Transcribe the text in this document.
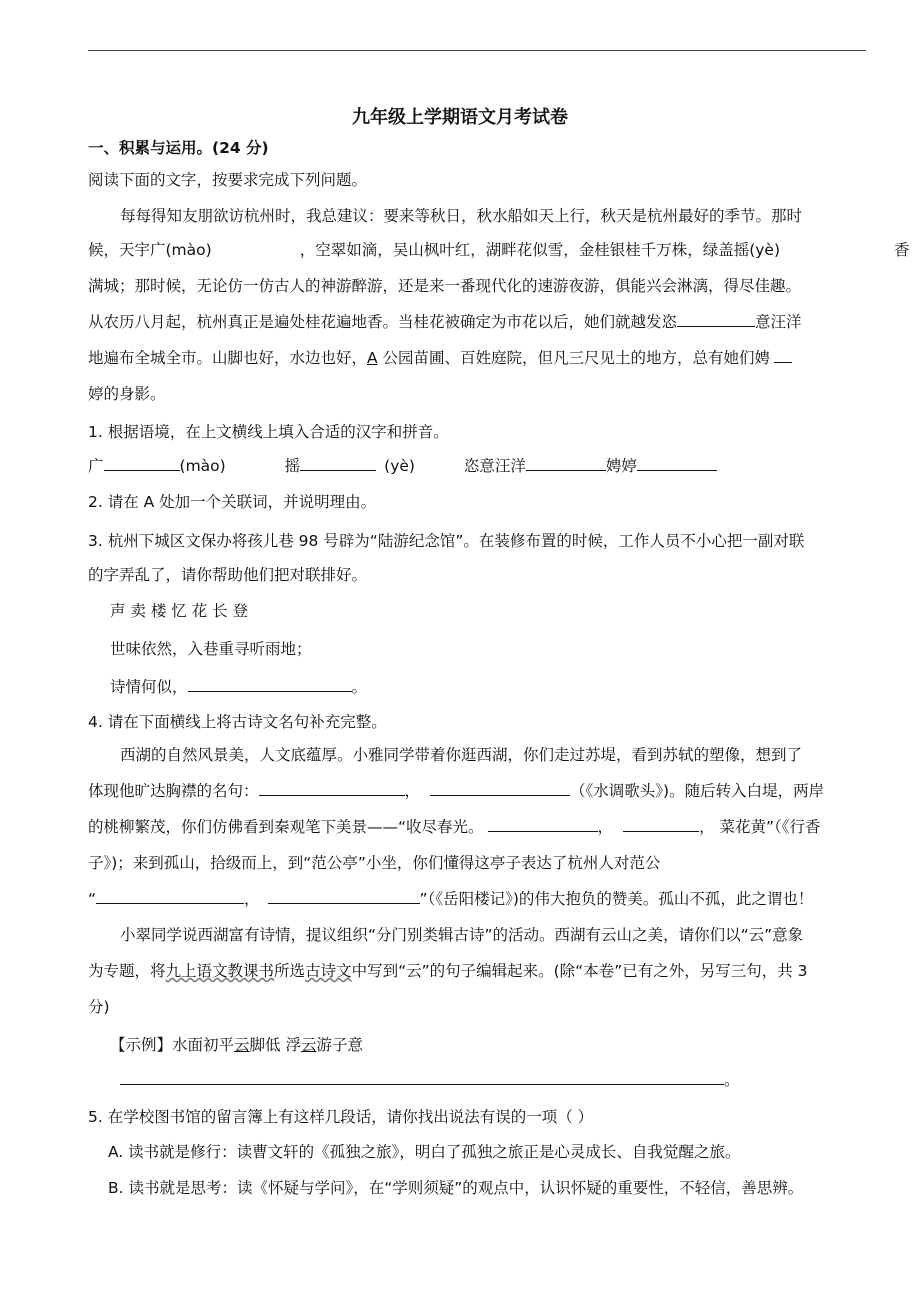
九年级上学期语文月考试卷
一、积累与运用。(24 分)
阅读下面的文字，按要求完成下列问题。
每每得知友朋欲访杭州时，我总建议：要来等秋日，秋水船如天上行，秋天是杭州最好的季节。那时
候，天宇广(mào)	，空翠如滴，吴山枫叶红，湖畔花似雪，金桂银桂千万株，绿盖摇(yè)	香
满城；那时候，无论仿一仿古人的神游醉游，还是来一番现代化的速游夜游，俱能兴会淋漓，得尽佳趣。
从农历八月起，杭州真正是遍处桂花遍地香。当桂花被确定为市花以后，她们就越发恣	意汪洋
地遍布全城全市。山脚也好，水边也好，A 公园苗圃、百姓庭院，但凡三尺见土的地方，总有她们娉
婷的身影。
1. 根据语境，在上文横线上填入合适的汉字和拼音。
广	(mào)	摇	(yè)	恣意汪洋	娉婷
2. 请在 A 处加一个关联词，并说明理由。
3. 杭州下城区文保办将孩儿巷 98 号辟为“陆游纪念馆”。在装修布置的时候，工作人员不小心把一副对联
的字弄乱了，请你帮助他们把对联排好。
声 卖 楼 忆 花 长 登
世味依然，入巷重寻听雨地；
诗情何似，	。
4. 请在下面横线上将古诗文名句补充完整。
西湖的自然风景美，人文底蕴厚。小雅同学带着你逛西湖，你们走过苏堤，看到苏轼的塑像，想到了
体现他旷达胸襟的名句：	，	（《水调歌头》)。随后转入白堤，两岸
的桃柳繁茂，你们仿佛看到秦观笔下美景——“收尽春光。	，	， 菜花黄”（《行香
子》)；来到孤山，拾级而上，到“范公亭”小坐，你们懂得这亭子表达了杭州人对范公
“	，	”（《岳阳楼记》)的伟大抱负的赞美。孤山不孤，此之谓也！
小翠同学说西湖富有诗情，提议组织“分门别类辑古诗”的活动。西湖有云山之美，请你们以“云”意象
为专题，将九上语文教课书所选古诗文中写到“云”的句子编辑起来。(除“本卷”已有之外，另写三句，共 3
分)
【示例】水面初平云脚低 浮云游子意
。
5. 在学校图书馆的留言簿上有这样几段话，请你找出说法有误的一项（ ）
A. 读书就是修行：读曹文轩的《孤独之旅》，明白了孤独之旅正是心灵成长、自我觉醒之旅。
B. 读书就是思考：读《怀疑与学问》，在“学则须疑”的观点中，认识怀疑的重要性，不轻信，善思辨。
